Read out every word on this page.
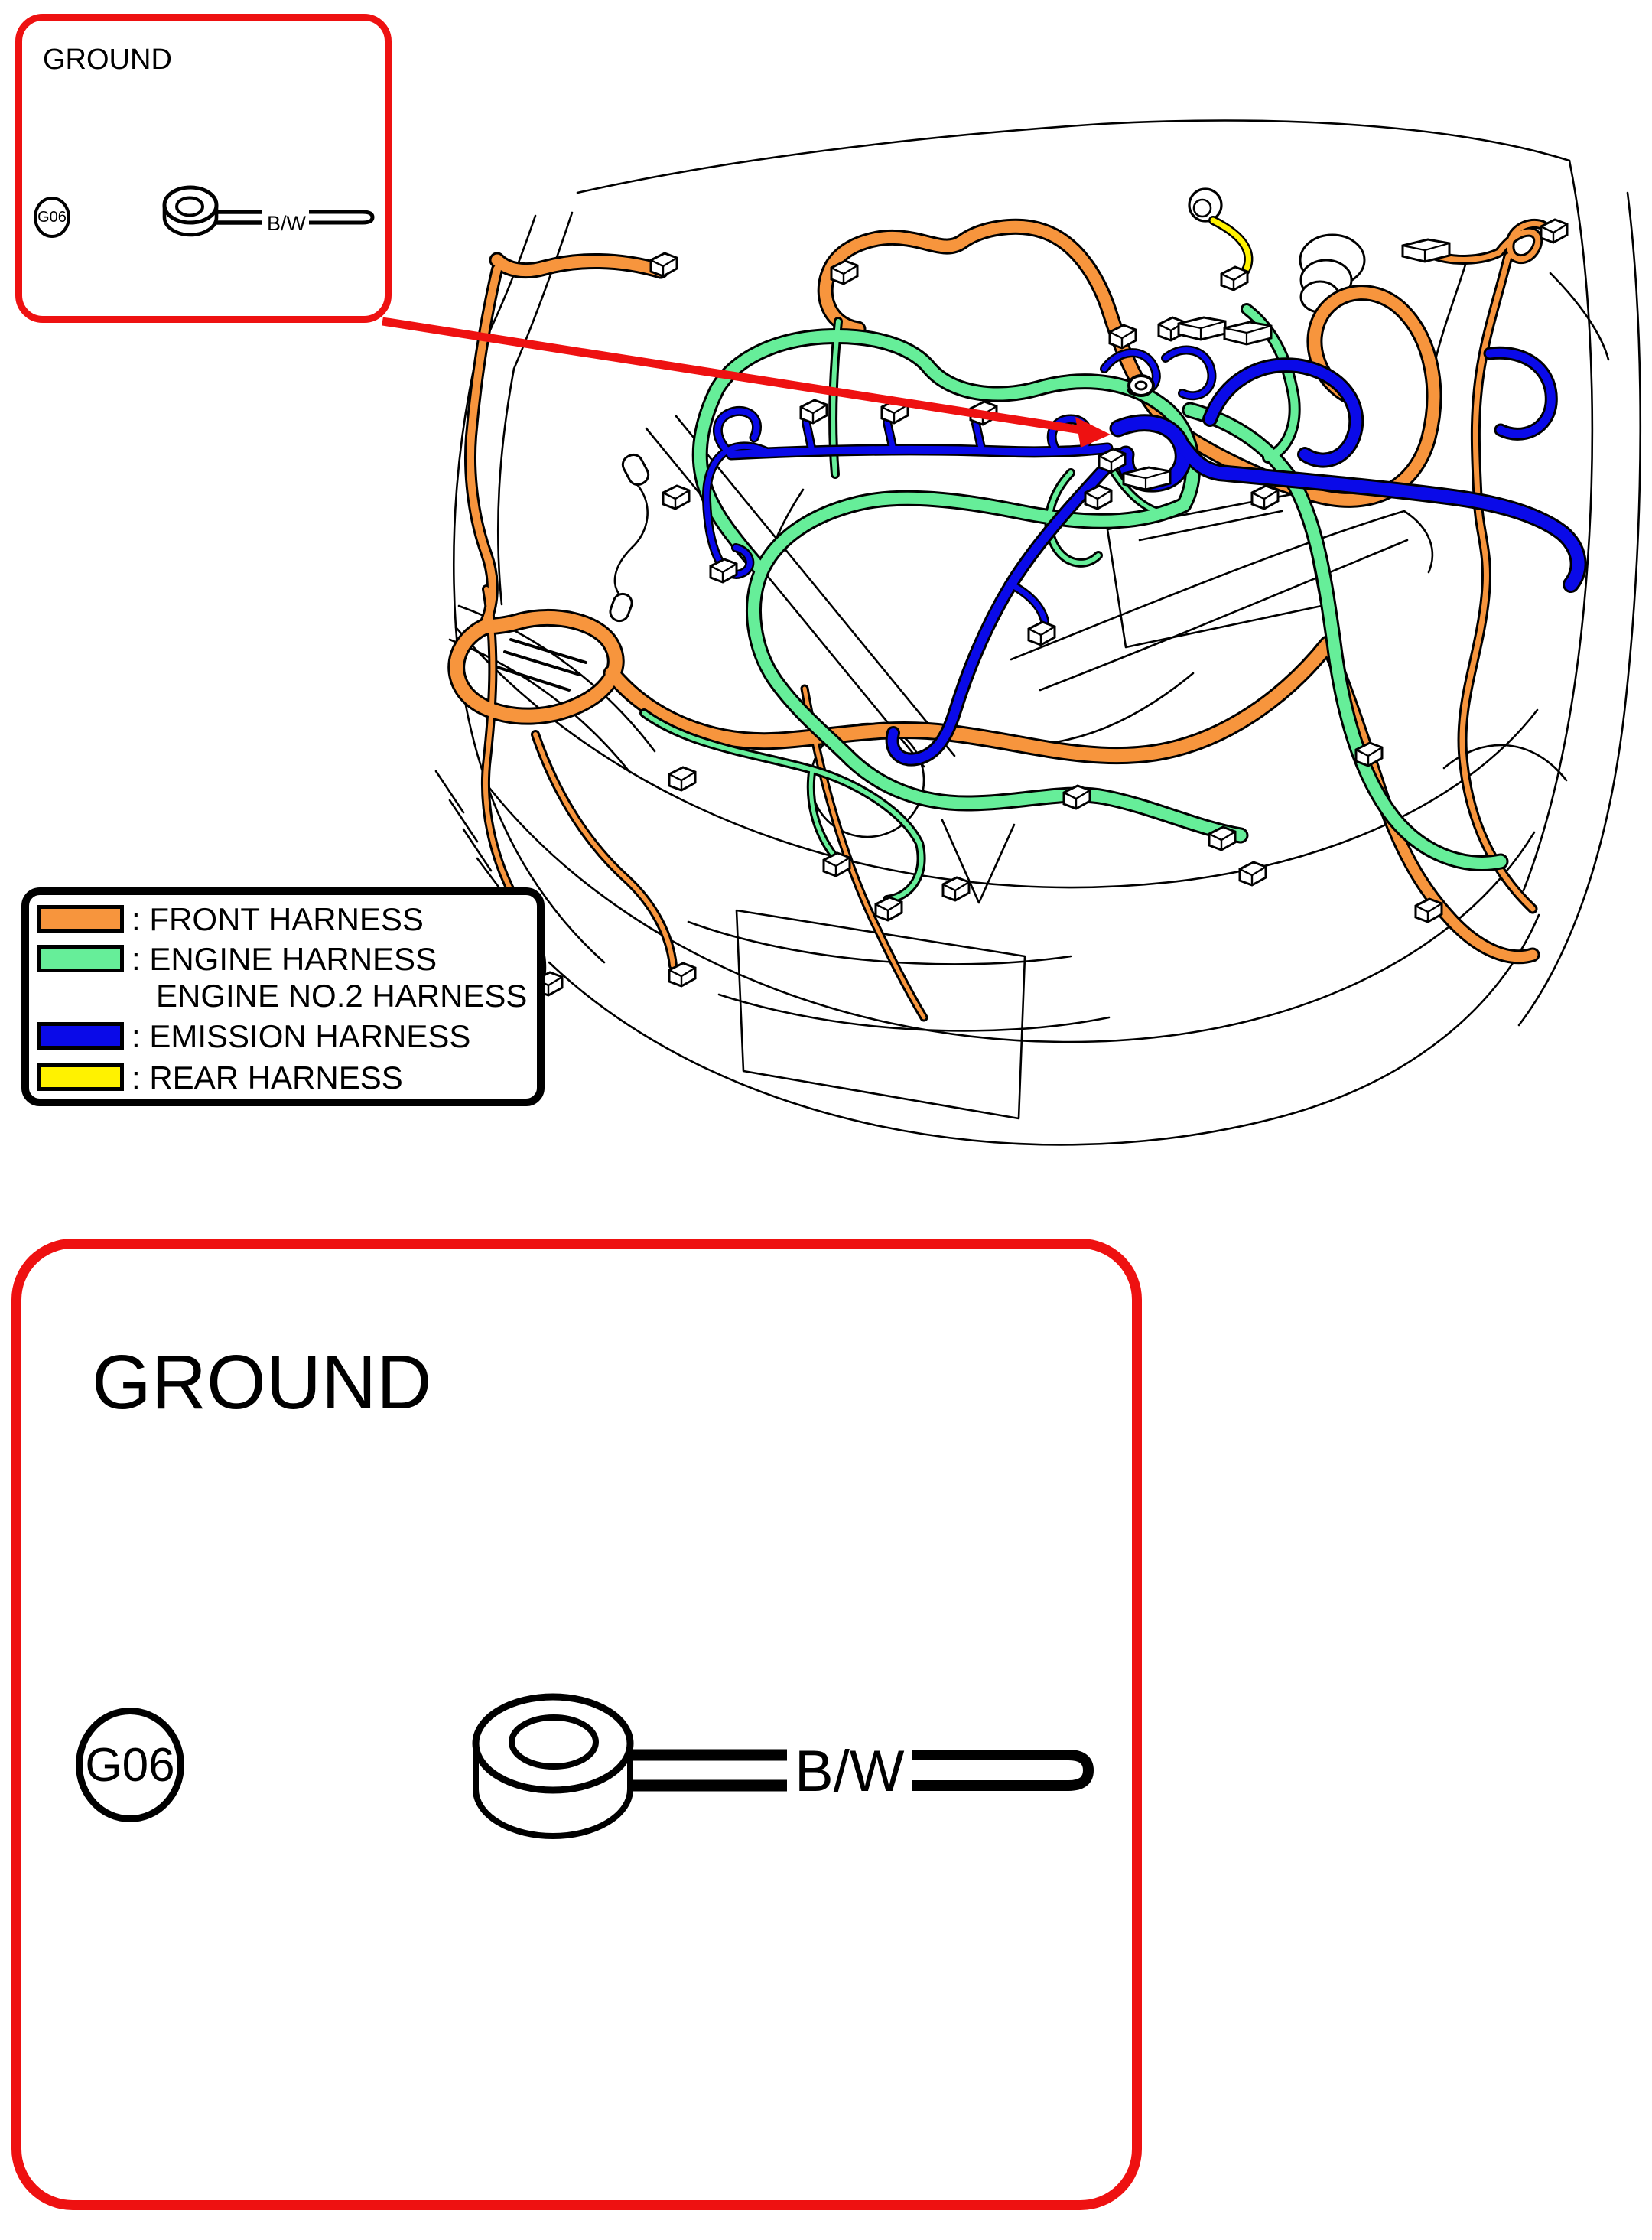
GROUND
G06	B/W
: FRONT HARNESS
: ENGINE HARNESS
ENGINE NO.2 HARNESS
: EMISSION HARNESS
: REAR HARNESS
GROUND
G06	B/W
